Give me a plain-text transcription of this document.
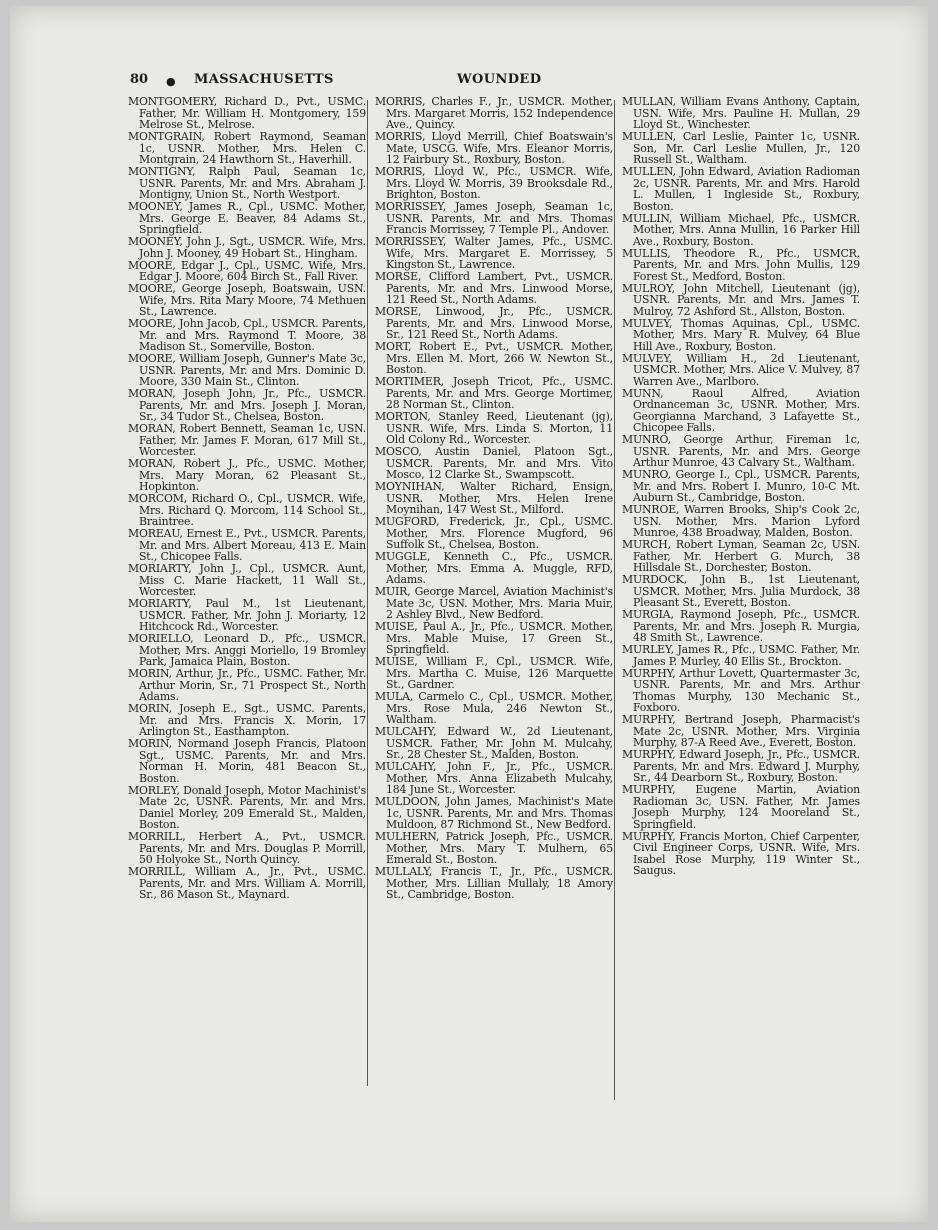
80 ● MASSACHUSETTS	WOUNDED

MONTGOMERY, Richard D., Pvt., USMC. Father, Mr. William H. Montgomery, 159 Melrose St., Melrose.

MONTGRAIN, Robert Raymond, Seaman 1c, USNR. Mother, Mrs. Helen C. Montgrain, 24 Hawthorn St., Haverhill.

MONTIGNY, Ralph Paul, Seaman 1c, USNR. Parents, Mr. and Mrs. Abraham J. Montigny, Union St., North Westport.

MOONEY, James R., Cpl., USMC. Mother, Mrs. George E. Beaver, 84 Adams St., Springfield.

MOONEY, John J., Sgt., USMCR. Wife, Mrs. John J. Mooney, 49 Hobart St., Hingham.

MOORE, Edgar J., Cpl., USMC. Wife, Mrs. Edgar J. Moore, 604 Birch St., Fall River.

MOORE, George Joseph, Boatswain, USN. Wife, Mrs. Rita Mary Moore, 74 Methuen St., Lawrence.

MOORE, John Jacob, Cpl., USMCR. Parents, Mr. and Mrs. Raymond T. Moore, 38 Madison St., Somerville, Boston.

MOORE, William Joseph, Gunner's Mate 3c, USNR. Parents, Mr. and Mrs. Dominic D. Moore, 330 Main St., Clinton.

MORAN, Joseph John, Jr., Pfc., USMCR. Parents, Mr. and Mrs. Joseph J. Moran, Sr., 34 Tudor St., Chelsea, Boston.

MORAN, Robert Bennett, Seaman 1c, USN. Father, Mr. James F. Moran, 617 Mill St., Worcester.

MORAN, Robert J., Pfc., USMC. Mother, Mrs. Mary Moran, 62 Pleasant St., Hopkinton.

MORCOM, Richard O., Cpl., USMCR. Wife, Mrs. Richard Q. Morcom, 114 School St., Braintree.

MOREAU, Ernest E., Pvt., USMCR. Parents, Mr. and Mrs. Albert Moreau, 413 E. Main St., Chicopee Falls.

MORIARTY, John J., Cpl., USMCR. Aunt, Miss C. Marie Hackett, 11 Wall St., Worcester.

MORIARTY, Paul M., 1st Lieutenant, USMCR. Father, Mr. John J. Moriarty, 12 Hitchcock Rd., Worcester.

MORIELLO, Leonard D., Pfc., USMCR. Mother, Mrs. Anggi Moriello, 19 Bromley Park, Jamaica Plain, Boston.

MORIN, Arthur, Jr., Pfc., USMC. Father, Mr. Arthur Morin, Sr., 71 Prospect St., North Adams.

MORIN, Joseph E., Sgt., USMC. Parents, Mr. and Mrs. Francis X. Morin, 17 Arlington St., Easthampton.

MORIN, Normand Joseph Francis, Platoon Sgt., USMC. Parents, Mr. and Mrs. Norman H. Morin, 481 Beacon St., Boston.

MORLEY, Donald Joseph, Motor Machinist's Mate 2c, USNR. Parents, Mr. and Mrs. Daniel Morley, 209 Emerald St., Malden, Boston.

MORRILL, Herbert A., Pvt., USMCR. Parents, Mr. and Mrs. Douglas P. Morrill, 50 Holyoke St., North Quincy.

MORRILL, William A., Jr., Pvt., USMC. Parents, Mr. and Mrs. William A. Morrill, Sr., 86 Mason St., Maynard.

MORRIS, Charles F., Jr., USMCR. Mother, Mrs. Margaret Morris, 152 Independence Ave., Quincy.

MORRIS, Lloyd Merrill, Chief Boatswain's Mate, USCG. Wife, Mrs. Eleanor Morris, 12 Fairbury St., Roxbury, Boston.

MORRIS, Lloyd W., Pfc., USMCR. Wife, Mrs. Lloyd W. Morris, 39 Brooksdale Rd., Brighton, Boston.

MORRISSEY, James Joseph, Seaman 1c, USNR. Parents, Mr. and Mrs. Thomas Francis Morrissey, 7 Temple Pl., Andover.

MORRISSEY, Walter James, Pfc., USMC. Wife, Mrs. Margaret E. Morrissey, 5 Kingston St., Lawrence.

MORSE, Clifford Lambert, Pvt., USMCR. Parents, Mr. and Mrs. Linwood Morse, 121 Reed St., North Adams.

MORSE, Linwood, Jr., Pfc., USMCR. Parents, Mr. and Mrs. Linwood Morse, Sr., 121 Reed St., North Adams.

MORT, Robert E., Pvt., USMCR. Mother, Mrs. Ellen M. Mort, 266 W. Newton St., Boston.

MORTIMER, Joseph Tricot, Pfc., USMC. Parents, Mr. and Mrs. George Mortimer, 28 Norman St., Clinton.

MORTON, Stanley Reed, Lieutenant (jg), USNR. Wife, Mrs. Linda S. Morton, 11 Old Colony Rd., Worcester.

MOSCO, Austin Daniel, Platoon Sgt., USMCR. Parents, Mr. and Mrs. Vito Mosco, 12 Clarke St., Swampscott.

MOYNIHAN, Walter Richard, Ensign, USNR. Mother, Mrs. Helen Irene Moynihan, 147 West St., Milford.

MUGFORD, Frederick, Jr., Cpl., USMC. Mother, Mrs. Florence Mugford, 96 Suffolk St., Chelsea, Boston.

MUGGLE, Kenneth C., Pfc., USMCR. Mother, Mrs. Emma A. Muggle, RFD, Adams.

MUIR, George Marcel, Aviation Machinist's Mate 3c, USN. Mother, Mrs. Maria Muir, 2 Ashley Blvd., New Bedford.

MUISE, Paul A., Jr., Pfc., USMCR. Mother, Mrs. Mable Muise, 17 Green St., Springfield.

MUISE, William F., Cpl., USMCR. Wife, Mrs. Martha C. Muise, 126 Marquette St., Gardner.

MULA, Carmelo C., Cpl., USMCR. Mother, Mrs. Rose Mula, 246 Newton St., Waltham.

MULCAHY, Edward W., 2d Lieutenant, USMCR. Father, Mr. John M. Mulcahy, Sr., 28 Chester St., Malden, Boston.

MULCAHY, John F., Jr., Pfc., USMCR. Mother, Mrs. Anna Elizabeth Mulcahy, 184 June St., Worcester.

MULDOON, John James, Machinist's Mate 1c, USNR. Parents, Mr. and Mrs. Thomas Muldoon, 87 Richmond St., New Bedford.

MULHERN, Patrick Joseph, Pfc., USMCR. Mother, Mrs. Mary T. Mulhern, 65 Emerald St., Boston.

MULLALY, Francis T., Jr., Pfc., USMCR. Mother, Mrs. Lillian Mullaly, 18 Amory St., Cambridge, Boston.

MULLAN, William Evans Anthony, Captain, USN. Wife, Mrs. Pauline H. Mullan, 29 Lloyd St., Winchester.

MULLEN, Carl Leslie, Painter 1c, USNR. Son, Mr. Carl Leslie Mullen, Jr., 120 Russell St., Waltham.

MULLEN, John Edward, Aviation Radioman 2c, USNR. Parents, Mr. and Mrs. Harold L. Mullen, 1 Ingleside St., Roxbury, Boston.

MULLIN, William Michael, Pfc., USMCR. Mother, Mrs. Anna Mullin, 16 Parker Hill Ave., Roxbury, Boston.

MULLIS, Theodore R., Pfc., USMCR. Parents, Mr. and Mrs. John Mullis, 129 Forest St., Medford, Boston.

MULROY, John Mitchell, Lieutenant (jg), USNR. Parents, Mr. and Mrs. James T. Mulroy, 72 Ashford St., Allston, Boston.

MULVEY, Thomas Aquinas, Cpl., USMC. Mother, Mrs. Mary R. Mulvey, 64 Blue Hill Ave., Roxbury, Boston.

MULVEY, William H., 2d Lieutenant, USMCR. Mother, Mrs. Alice V. Mulvey, 87 Warren Ave., Marlboro.

MUNN,	Raoul Alfred, Aviation Ordnanceman 3c, USNR. Mother, Mrs. Georgianna Marchand, 3 Lafayette St., Chicopee Falls.

MUNRO, George Arthur, Fireman 1c, USNR. Parents, Mr. and Mrs. George Arthur Munroe, 43 Calvary St., Waltham.

MUNRO, George I., Cpl., USMCR. Parents, Mr. and Mrs. Robert I. Munro, 10-C Mt. Auburn St., Cambridge, Boston.

MUNROE, Warren Brooks, Ship's Cook 2c, USN. Mother, Mrs. Marion Lyford Munroe, 438 Broadway, Malden, Boston.

MURCH, Robert Lyman, Seaman 2c, USN. Father, Mr. Herbert G. Murch, 38 Hillsdale St., Dorchester, Boston.

MURDOCK, John B., 1st Lieutenant, USMCR. Mother, Mrs. Julia Murdock, 38 Pleasant St., Everett, Boston.

MURGIA, Raymond Joseph, Pfc., USMCR. Parents, Mr. and Mrs. Joseph R. Murgia, 48 Smith St., Lawrence.

MURLEY, James R., Pfc., USMC. Father, Mr. James P. Murley, 40 Ellis St., Brockton.

MURPHY, Arthur Lovett, Quartermaster 3c, USNR. Parents, Mr. and Mrs. Arthur Thomas Murphy, 130 Mechanic St., Foxboro.

MURPHY, Bertrand Joseph, Pharmacist's Mate 2c, USNR. Mother, Mrs. Virginia Murphy, 87-A Reed Ave., Everett, Boston.

MURPHY, Edward Joseph, Jr., Pfc., USMCR. Parents, Mr. and Mrs. Edward J. Murphy, Sr., 44 Dearborn St., Roxbury, Boston.

MURPHY, Eugene Martin, Aviation Radioman 3c, USN. Father, Mr. James Joseph Murphy, 124 Mooreland St., Springfield.

MURPHY, Francis Morton, Chief Carpenter, Civil Engineer Corps, USNR. Wife, Mrs. Isabel Rose Murphy, 119 Winter St., Saugus.
